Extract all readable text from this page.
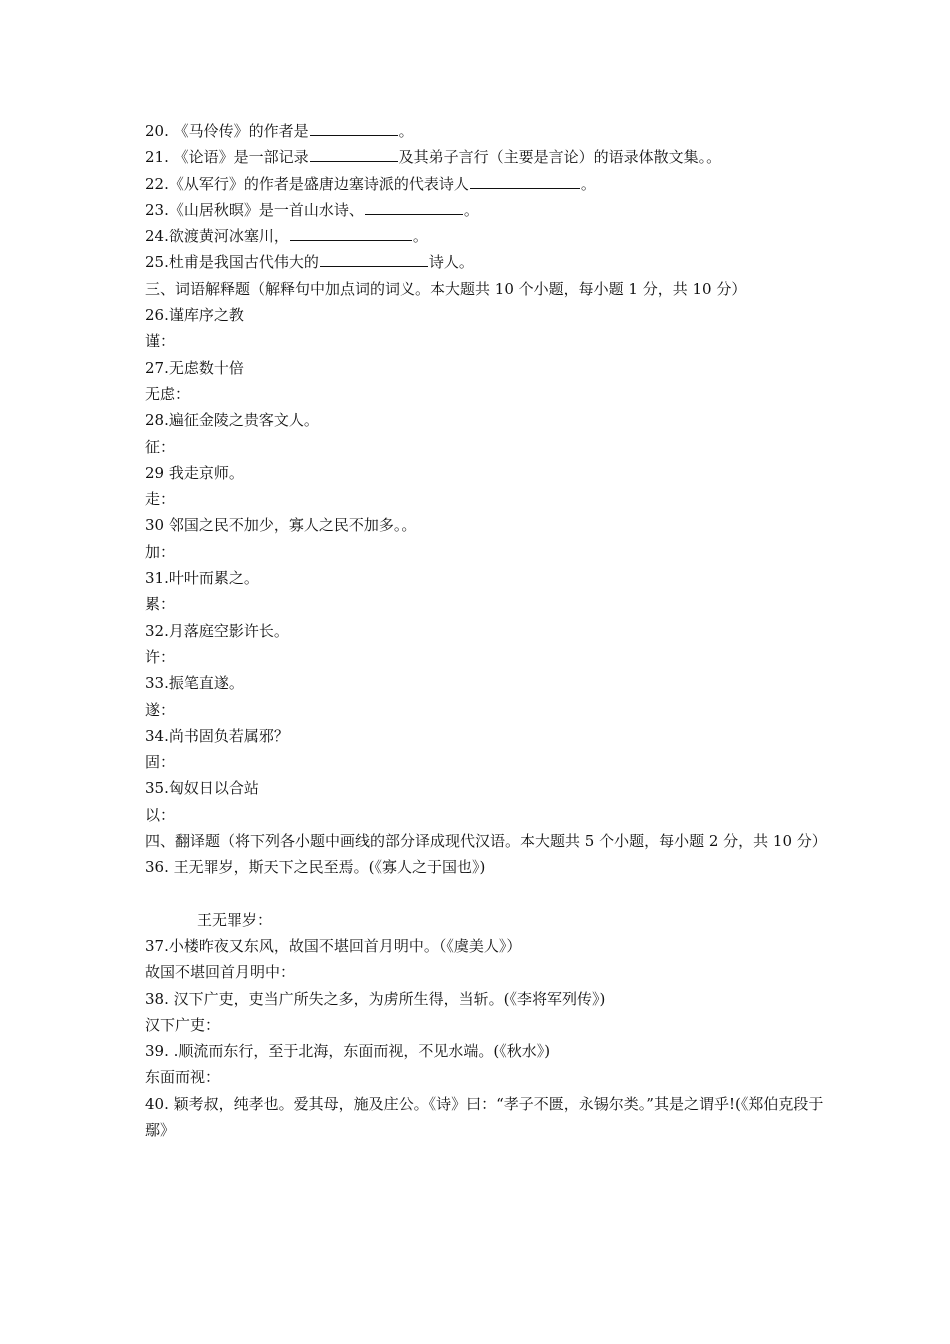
20. 《马伶传》的作者是	。
21. 《论语》是一部记录	及其弟子言行（主要是言论）的语录体散文集。。
22.《从军行》的作者是盛唐边塞诗派的代表诗人	。
23.《山居秋暝》是一首山水诗、	。
24.欲渡黄河冰塞川，	。
25.杜甫是我国古代伟大的	诗人。
三、词语解释题（解释句中加点词的词义。本大题共 10 个小题，每小题 1 分，共 10 分）
26.谨库序之教
谨：
27.无虑数十倍
无虑：
28.遍征金陵之贵客文人。
征：
29 我走京师。
走：
30 邻国之民不加少，寡人之民不加多。。
加：
31.叶叶而累之。
累：
32.月落庭空影许长。
许：
33.振笔直遂。
遂：
34.尚书固负若属邪？
固：
35.匈奴日以合站
以：
四、翻译题（将下列各小题中画线的部分译成现代汉语。本大题共 5 个小题，每小题 2 分，共 10 分）
36. 王无罪岁，斯天下之民至焉。(《寡人之于国也》)
王无罪岁：
37.小楼昨夜又东风，故国不堪回首月明中。（《虞美人》）
故国不堪回首月明中：
38. 汉下广吏，吏当广所失之多，为虏所生得，当斩。(《李将军列传》)
汉下广吏：
39. .顺流而东行，至于北海，东面而视，不见水端。(《秋水》)
东面而视：
40. 颖考叔，纯孝也。爱其母，施及庄公。《诗》曰：“孝子不匮，永锡尔类。”其是之谓乎!(《郑伯克段于鄢》
